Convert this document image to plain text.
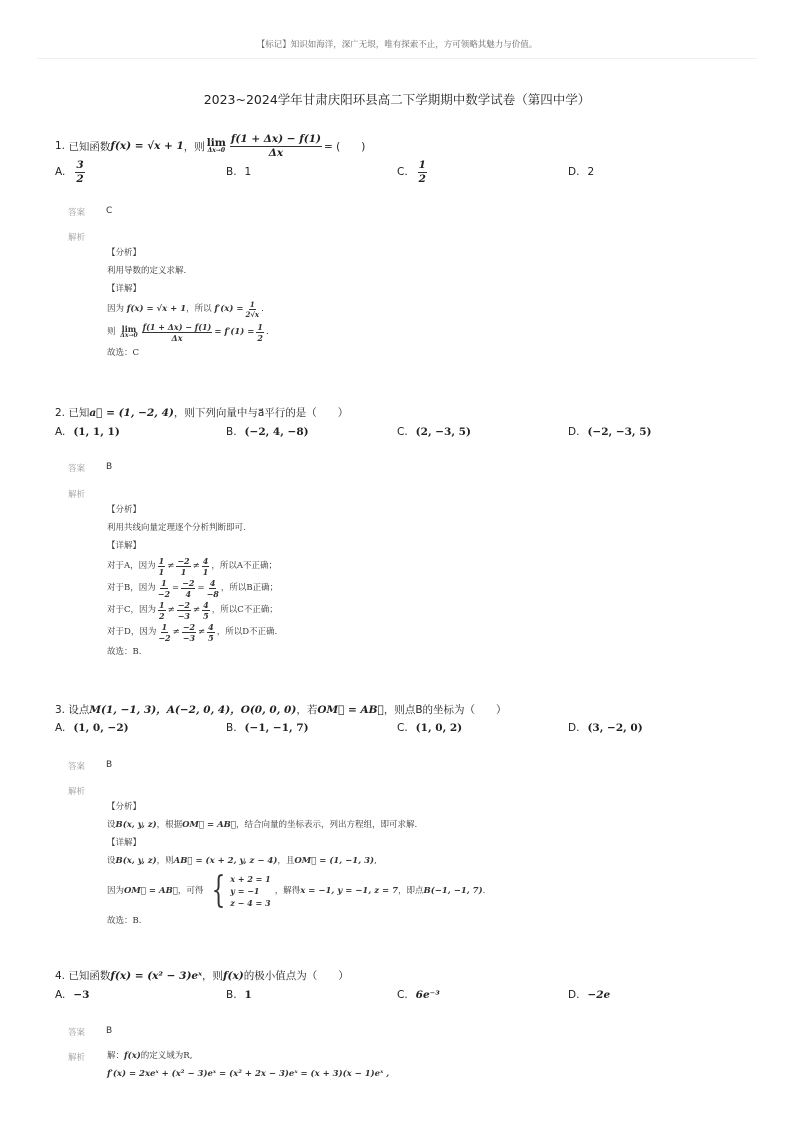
【标记】知识如海洋，深广无垠，唯有探索不止，方可领略其魅力与价值。
2023~2024学年甘肃庆阳环县高二下学期期中数学试卷（第四中学）
1.
已知函数 f(x) = √x + 1 ，则 lim
$\Delta x\to 0 \frac{f(1 + \Delta x) - f(1)}{\Delta x}$ = (　　)
A. $\frac{3}{2}$	B. 1	C. $\frac{1}{2}$	D. 2
答案 C
解析
【分析】
利用导数的定义求解.
【详解】
因为
f(x) = √x + 1 ，所以
$f'(x) = \frac{1}{2√x}$ .
则
lim
$\Delta x\to 0 \frac{f(1 + \Delta x) - f(1)}{\Delta x} = f'(1) = \frac{1}{2}$ .
故选：C
2.
已知 a⃗ = (1, −2, 4) ，则下列向量中与a⃗平行的是（　　）
A. (1, 1, 1)	B. (−2, 4, −8)	C. (2, −3, 5)	D. (−2, −3, 5)
答案 B
解析
【分析】
利用共线向量定理逐个分析判断即可.
【详解】
对于A，因为 $\frac{1}{1} \ne \frac{-2}{1} \ne \frac{4}{1}$ ，所以A不正确；
对于B，因为 $\frac{1}{-2} = \frac{-2}{4} = \frac{4}{-8}$ ，所以B正确；
对于C，因为 $\frac{1}{2} \ne \frac{-2}{-3} \ne \frac{4}{5}$ ，所以C不正确；
对于D，因为 $\frac{1}{-2} \ne \frac{-2}{-3} \ne \frac{4}{5}$ ，所以D不正确.
故选：B.
3.
设点 M(1, −1, 3)，A(−2, 0, 4)，O(0, 0, 0) ，若 OM⃗ = AB⃗ ，则点B的坐标为（　　）
A. (1, 0, −2)	B. (−1, −1, 7)	C. (1, 0, 2)	D. (3, −2, 0)
答案 B
解析
【分析】
设 B(x, y, z) ，根据 OM⃗ = AB⃗ ，结合向量的坐标表示，列出方程组，即可求解.
【详解】
设 B(x, y, z) ，则 AB⃗ = (x + 2, y, z − 4) ，且 OM⃗ = (1, −1, 3) ,
因为 OM⃗ = AB⃗ ，可得 { x + 2 = 1
y = −1
z − 4 = 3
，解得 x = −1, y = −1, z = 7 ，即点 B(−1, −1, 7) .
故选：B.
4.
已知函数 f(x) = (x² − 3)eˣ ，则 f(x) 的极小值点为（　　）
A. −3	B. 1	C. 6e⁻³	D. −2e
答案 B
解析	解： f(x) 的定义域为R,
f′(x) = 2xeˣ + (x² − 3)eˣ = (x² + 2x − 3)eˣ = (x + 3)(x − 1)eˣ ,
